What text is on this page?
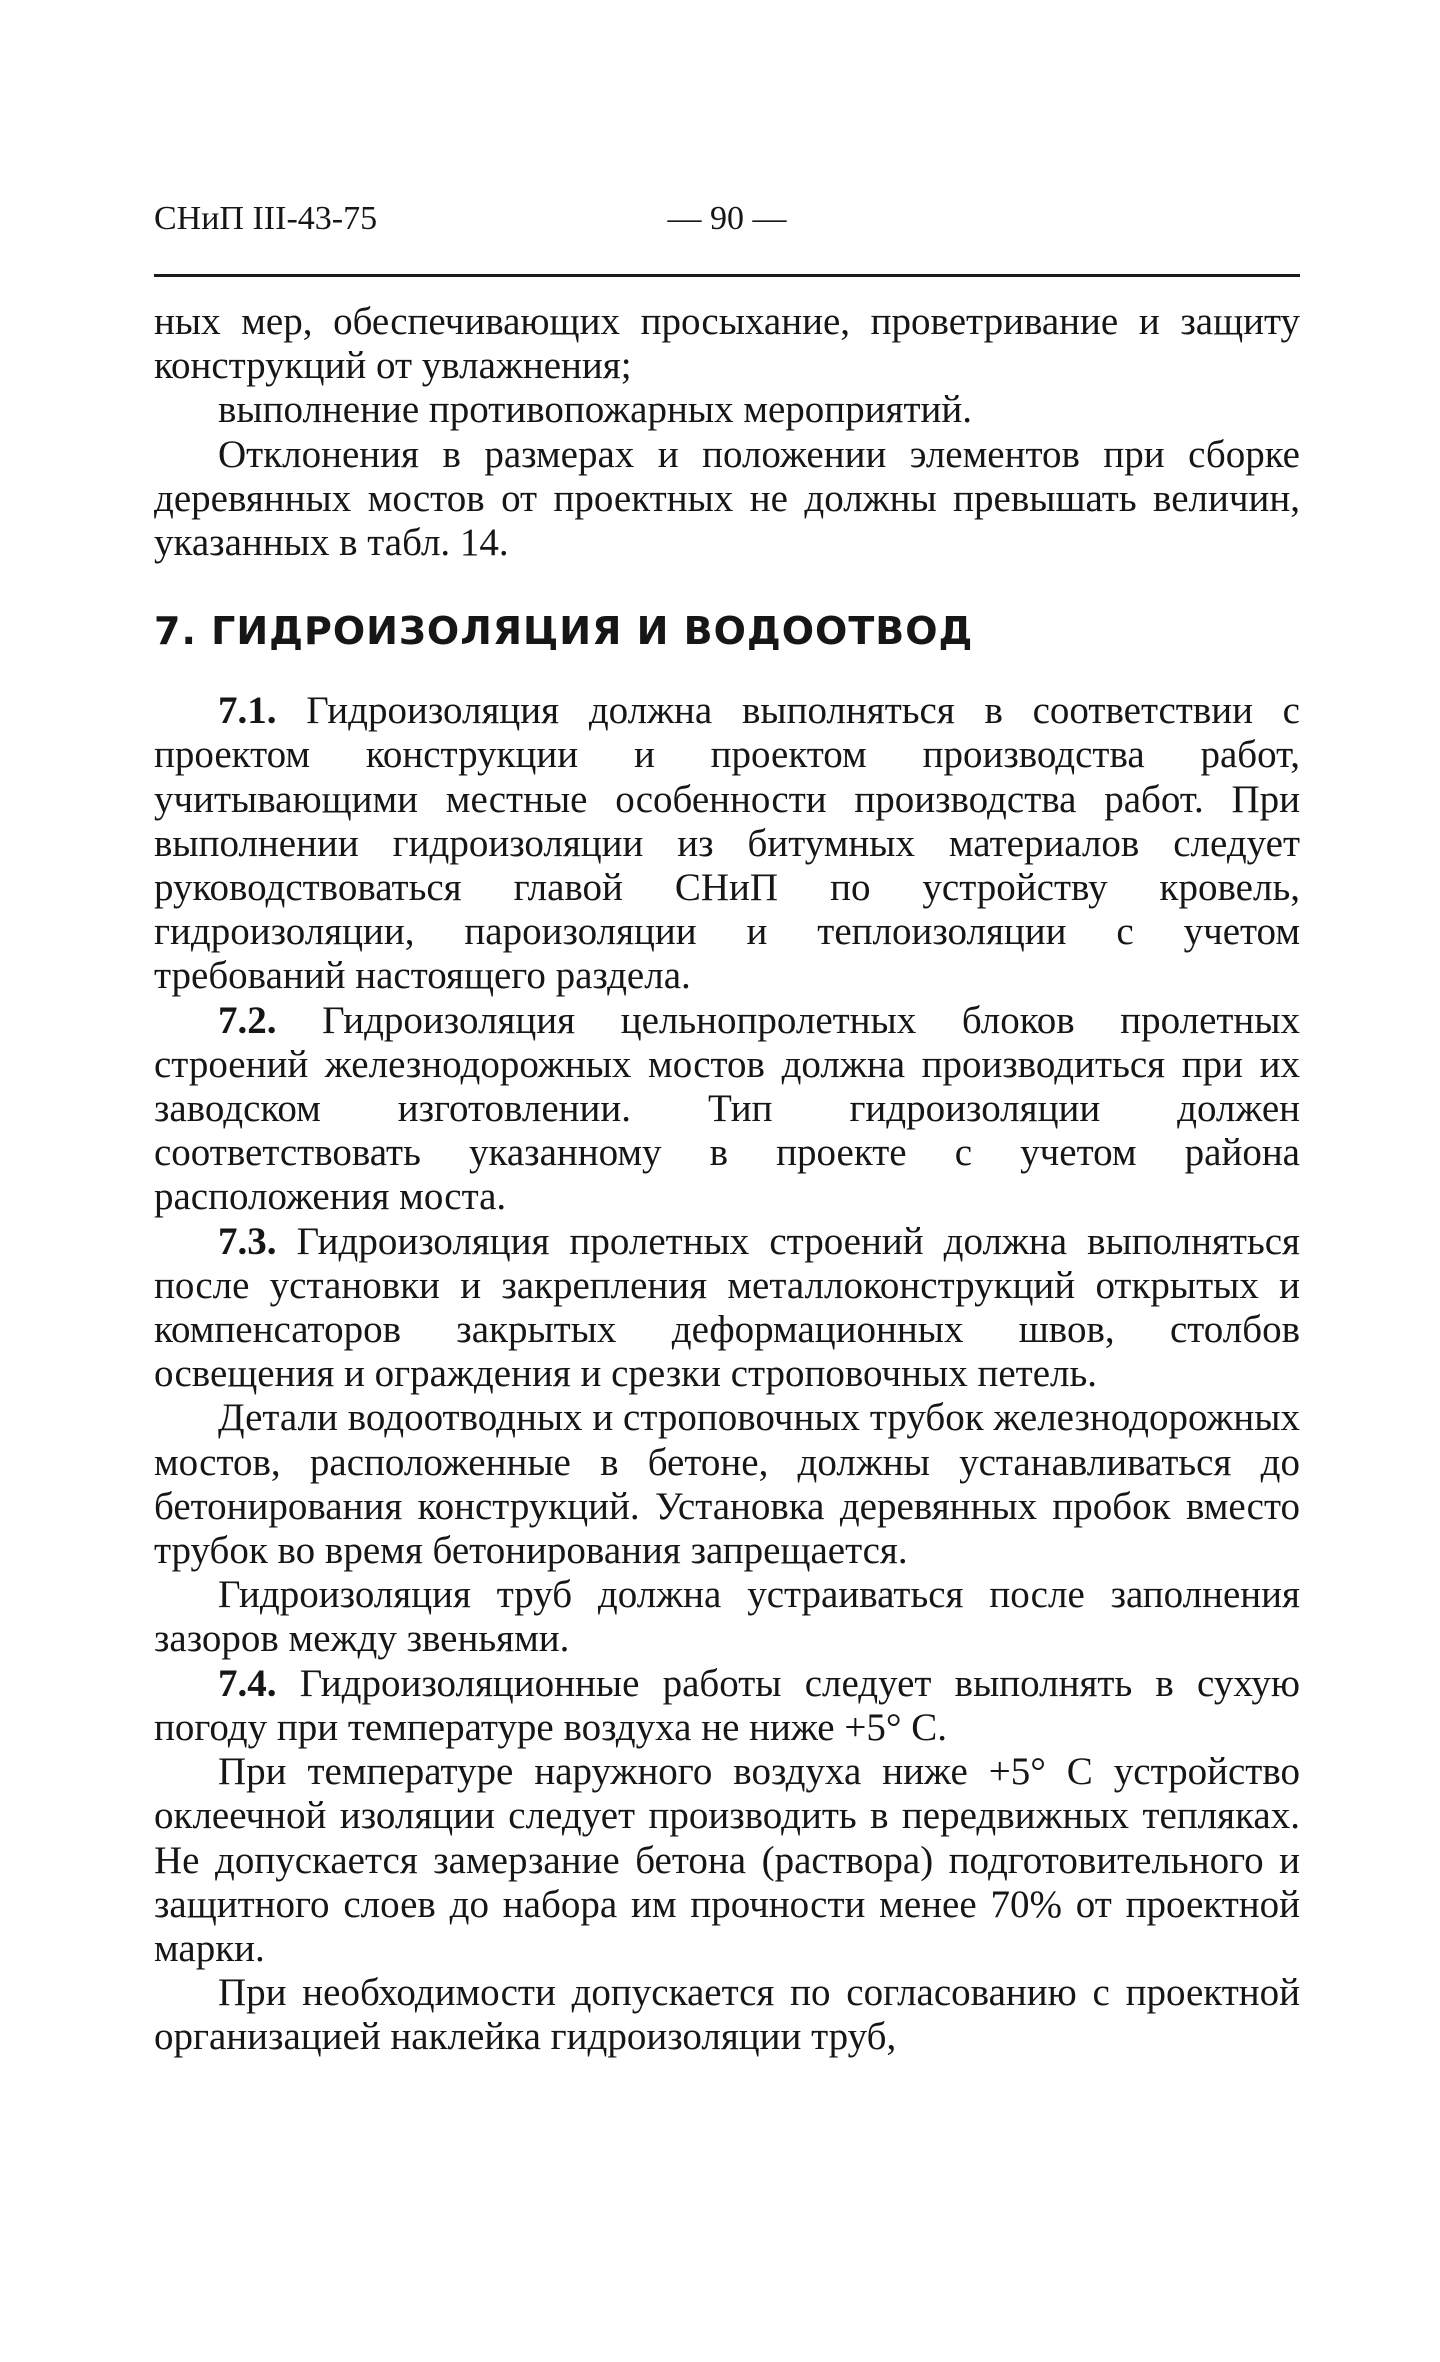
СНиП III-43-75	— 90 —

ных мер, обеспечивающих просыхание, проветривание и защиту конструкций от увлажнения;

выполнение противопожарных мероприятий.

Отклонения в размерах и положении элементов при сборке деревянных мостов от проектных не должны превышать величин, указанных в табл. 14.

7. ГИДРОИЗОЛЯЦИЯ И ВОДООТВОД

7.1. Гидроизоляция должна выполняться в соответствии с проектом конструкции и проектом производства работ, учитывающими местные особенности производства работ. При выполнении гидроизоляции из битумных материалов следует руководствоваться главой СНиП по устройству кровель, гидроизоляции, пароизоляции и теплоизоляции с учетом требований настоящего раздела.

7.2. Гидроизоляция цельнопролетных блоков пролетных строений железнодорожных мостов должна производиться при их заводском изготовлении. Тип гидроизоляции должен соответствовать указанному в проекте с учетом района расположения моста.

7.3. Гидроизоляция пролетных строений должна выполняться после установки и закрепления металлоконструкций открытых и компенсаторов закрытых деформационных швов, столбов освещения и ограждения и срезки строповочных петель.

Детали водоотводных и строповочных трубок железнодорожных мостов, расположенные в бетоне, должны устанавливаться до бетонирования конструкций. Установка деревянных пробок вместо трубок во время бетонирования запрещается.

Гидроизоляция труб должна устраиваться после заполнения зазоров между звеньями.

7.4. Гидроизоляционные работы следует выполнять в сухую погоду при температуре воздуха не ниже +5° С.

При температуре наружного воздуха ниже +5° С устройство оклеечной изоляции следует производить в передвижных тепляках. Не допускается замерзание бетона (раствора) подготовительного и защитного слоев до набора им прочности менее 70% от проектной марки.

При необходимости допускается по согласованию с проектной организацией наклейка гидроизоляции труб,
